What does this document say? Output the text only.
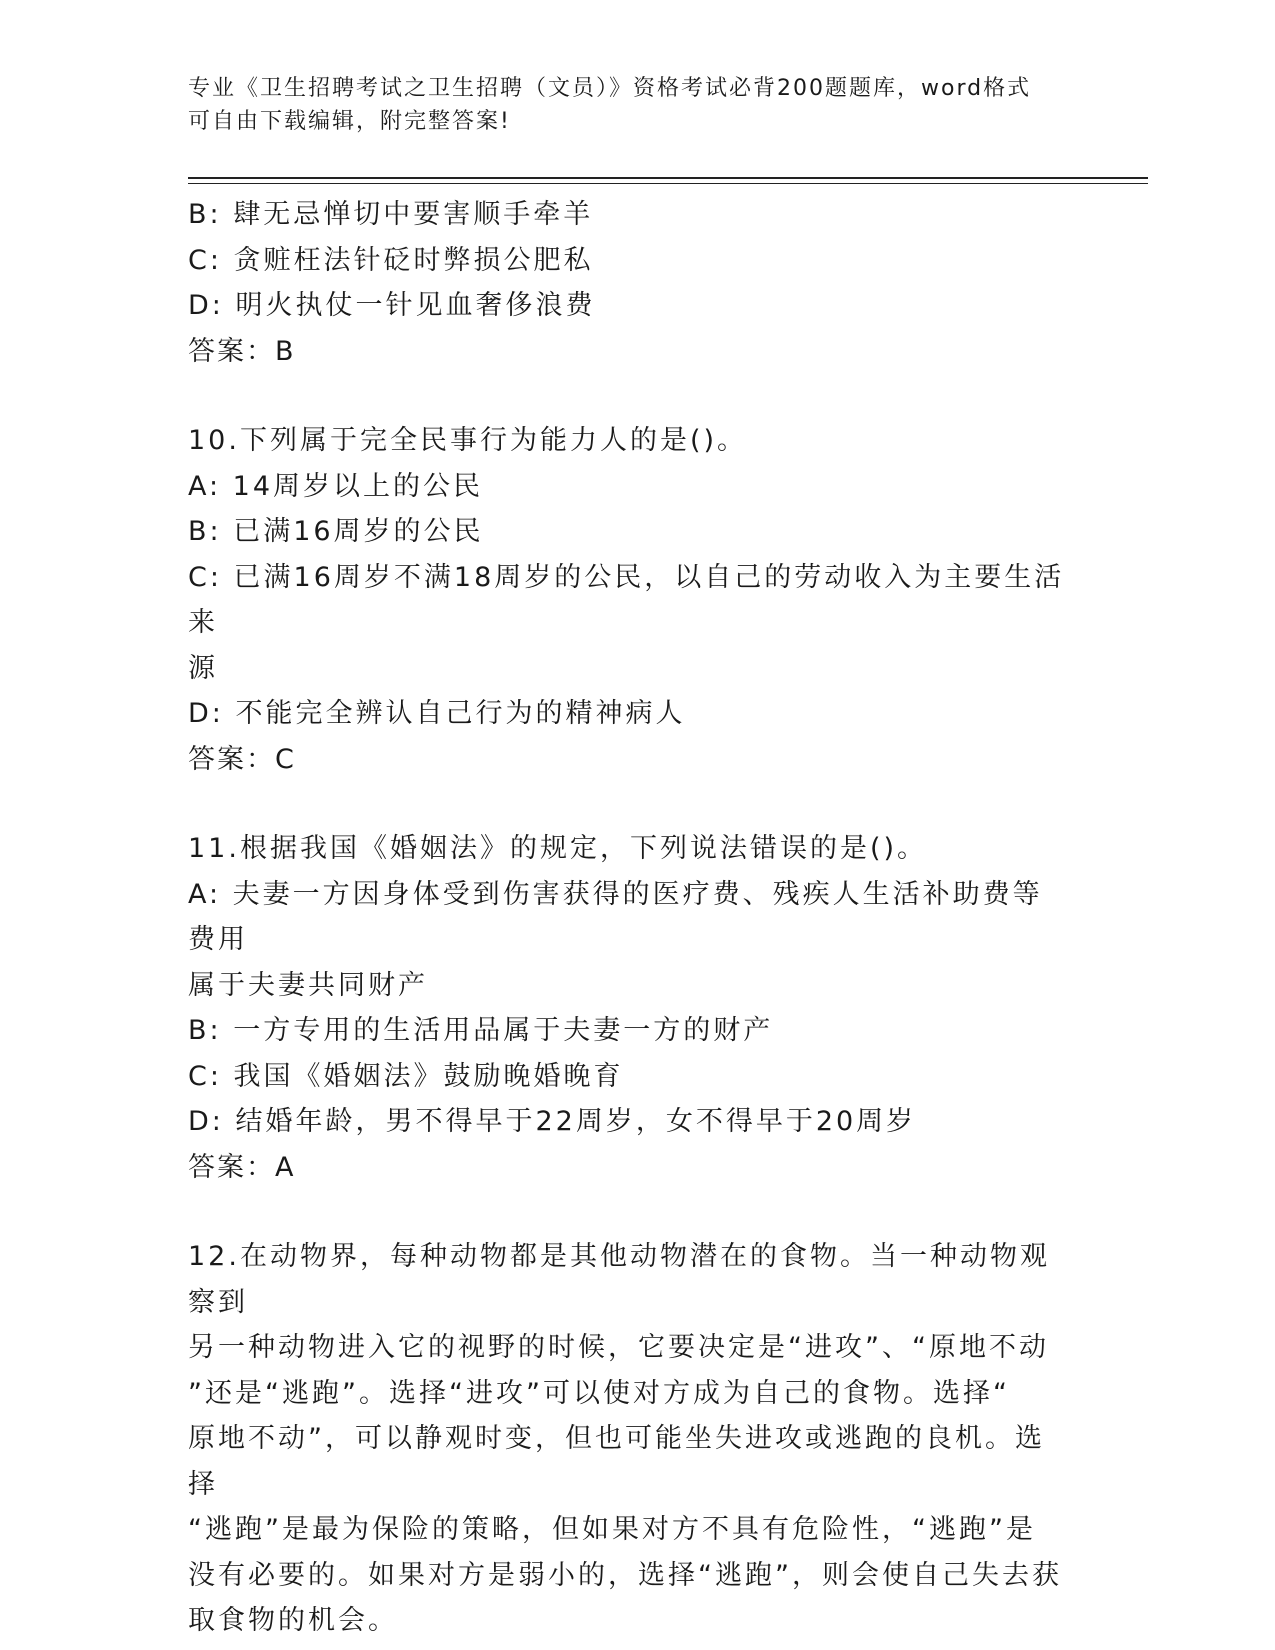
专业《卫生招聘考试之卫生招聘（文员）》资格考试必背200题题库，word格式
可自由下载编辑，附完整答案!

B: 肆无忌惮切中要害顺手牵羊

C: 贪赃枉法针砭时弊损公肥私

D: 明火执仗一针见血奢侈浪费

答案：B

10.下列属于完全民事行为能力人的是()。

A: 14周岁以上的公民

B: 已满16周岁的公民

C: 已满16周岁不满18周岁的公民，以自己的劳动收入为主要生活来

源

D: 不能完全辨认自己行为的精神病人

答案：C

11.根据我国《婚姻法》的规定，下列说法错误的是()。

A: 夫妻一方因身体受到伤害获得的医疗费、残疾人生活补助费等费用

属于夫妻共同财产

B: 一方专用的生活用品属于夫妻一方的财产

C: 我国《婚姻法》鼓励晚婚晚育

D: 结婚年龄，男不得早于22周岁，女不得早于20周岁

答案：A

12.在动物界，每种动物都是其他动物潜在的食物。当一种动物观察到

另一种动物进入它的视野的时候，它要决定是“进攻”、“原地不动

”还是“逃跑”。选择“进攻”可以使对方成为自己的食物。选择“

原地不动”，可以静观时变，但也可能坐失进攻或逃跑的良机。选择

“逃跑”是最为保险的策略，但如果对方不具有危险性，“逃跑”是

没有必要的。如果对方是弱小的，选择“逃跑”，则会使自己失去获

取食物的机会。
